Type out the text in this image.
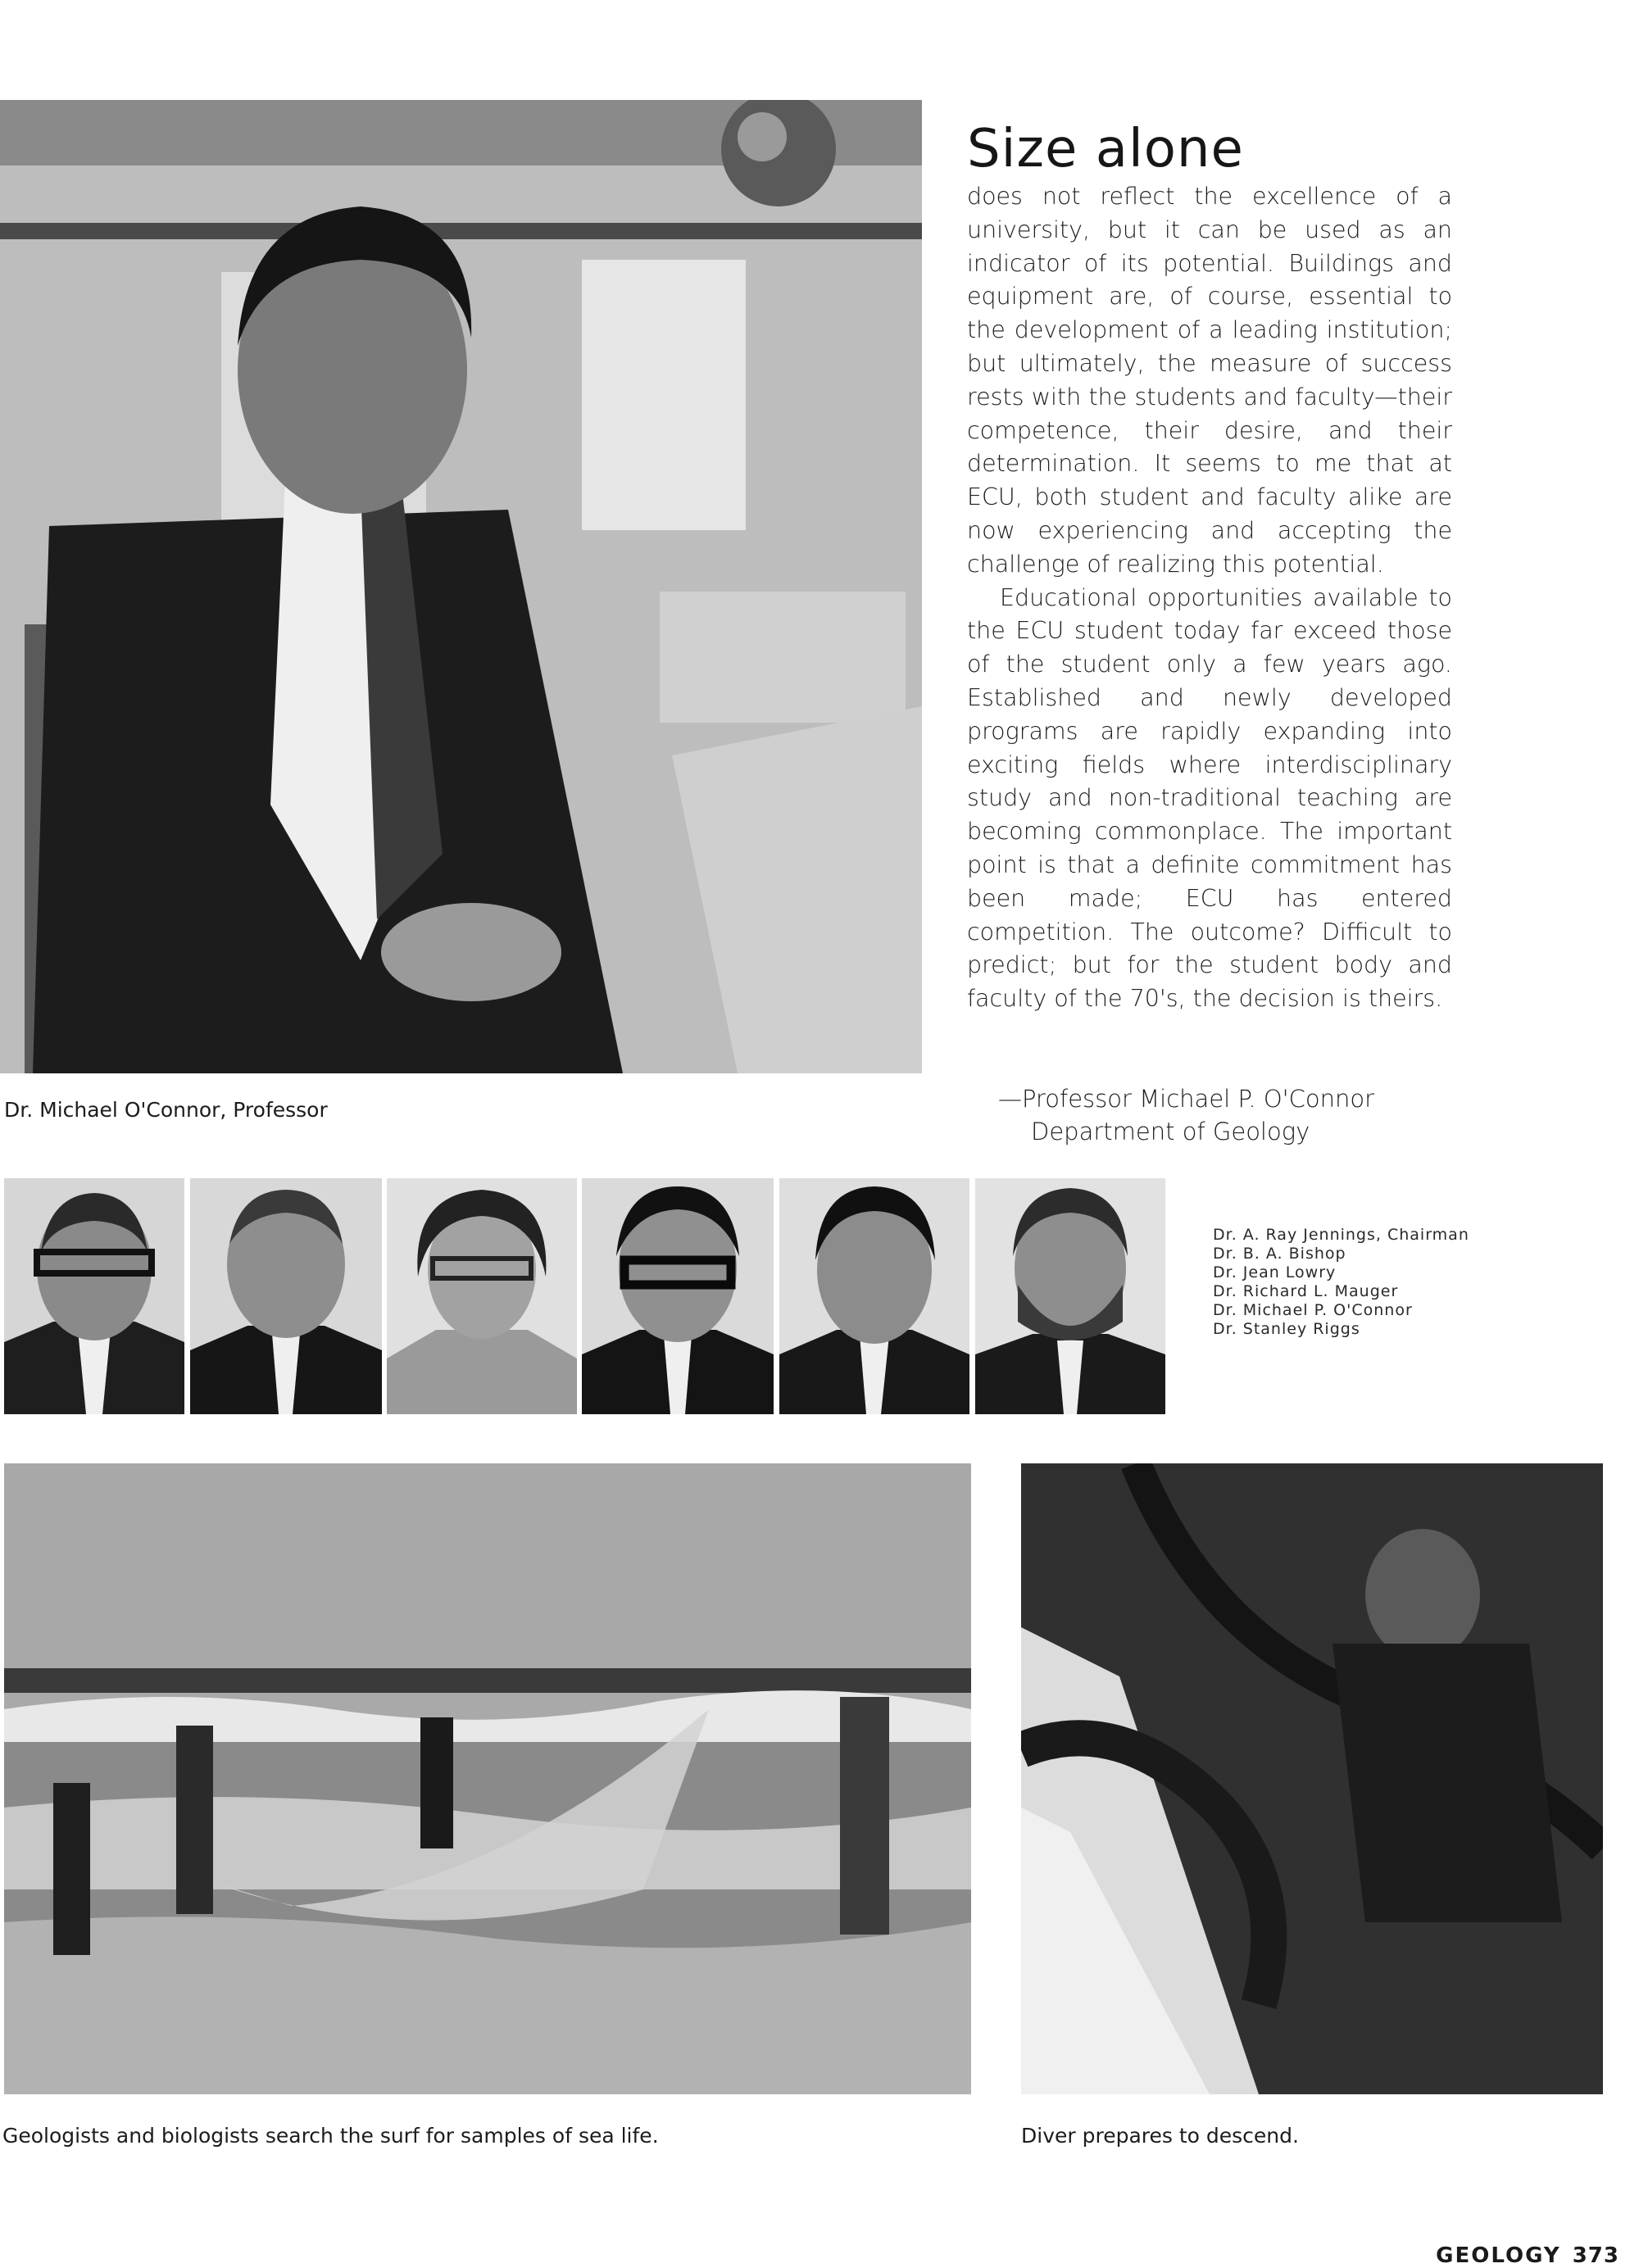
Dr. Michael O'Connor, Professor
Size alone

does not reflect the excellence of a university, but it can be used as an indicator of its potential. Buildings and equipment are, of course, essential to the development of a leading institution; but ultimately, the measure of success rests with the students and faculty—their competence, their desire, and their determination. It seems to me that at ECU, both student and faculty alike are now experiencing and accepting the challenge of realizing this potential.

Educational opportunities available to the ECU student today far exceed those of the student only a few years ago. Established and newly developed programs are rapidly expanding into exciting fields where interdisciplinary study and non-traditional teaching are becoming commonplace. The important point is that a definite commitment has been made; ECU has entered competition. The outcome? Difficult to predict; but for the student body and faculty of the 70's, the decision is theirs.

—Professor Michael P. O'Connor
Department of Geology
Dr. A. Ray Jennings, Chairman
Dr. B. A. Bishop
Dr. Jean Lowry
Dr. Richard L. Mauger
Dr. Michael P. O'Connor
Dr. Stanley Riggs
Geologists and biologists search the surf for samples of sea life.	Diver prepares to descend.
GEOLOGY 373
